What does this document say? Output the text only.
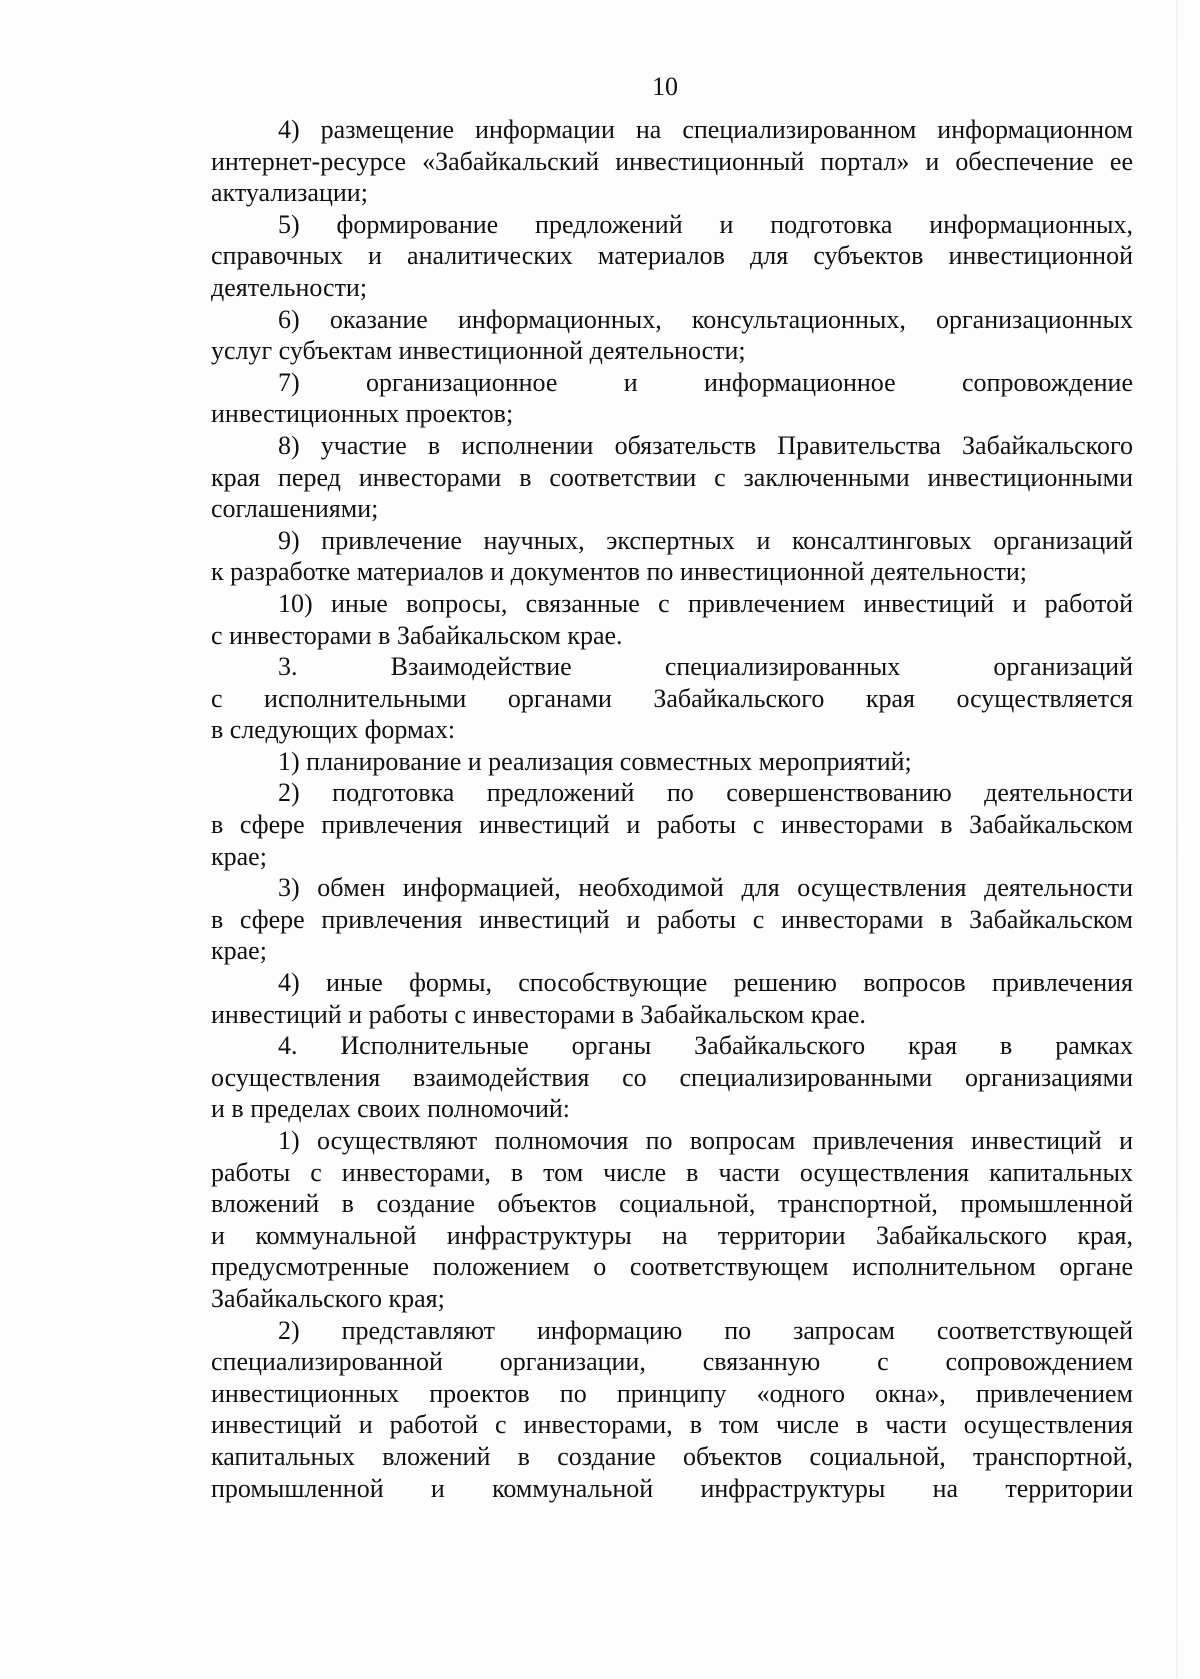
10

4) размещение информации на специализированном информационном
интернет-ресурсе «Забайкальский инвестиционный портал» и обеспечение ее
актуализации;

5) формирование предложений и подготовка информационных,
справочных и аналитических материалов для субъектов инвестиционной
деятельности;

6) оказание информационных, консультационных, организационных
услуг субъектам инвестиционной деятельности;

7) организационное и информационное сопровождение
инвестиционных проектов;

8) участие в исполнении обязательств Правительства Забайкальского
края перед инвесторами в соответствии с заключенными инвестиционными
соглашениями;

9) привлечение научных, экспертных и консалтинговых организаций
к разработке материалов и документов по инвестиционной деятельности;

10) иные вопросы, связанные с привлечением инвестиций и работой
с инвесторами в Забайкальском крае.

3. Взаимодействие специализированных организаций
с исполнительными органами Забайкальского края осуществляется
в следующих формах:

1) планирование и реализация совместных мероприятий;

2) подготовка предложений по совершенствованию деятельности
в сфере привлечения инвестиций и работы с инвесторами в Забайкальском
крае;

3) обмен информацией, необходимой для осуществления деятельности
в сфере привлечения инвестиций и работы с инвесторами в Забайкальском
крае;

4) иные формы, способствующие решению вопросов привлечения
инвестиций и работы с инвесторами в Забайкальском крае.

4. Исполнительные органы Забайкальского края в рамках
осуществления взаимодействия со специализированными организациями
и в пределах своих полномочий:

1) осуществляют полномочия по вопросам привлечения инвестиций и
работы с инвесторами, в том числе в части осуществления капитальных
вложений в создание объектов социальной, транспортной, промышленной
и коммунальной инфраструктуры на территории Забайкальского края,
предусмотренные положением о соответствующем исполнительном органе
Забайкальского края;

2) представляют информацию по запросам соответствующей
специализированной организации, связанную с сопровождением
инвестиционных проектов по принципу «одного окна», привлечением
инвестиций и работой с инвесторами, в том числе в части осуществления
капитальных вложений в создание объектов социальной, транспортной,
промышленной и коммунальной инфраструктуры на территории
